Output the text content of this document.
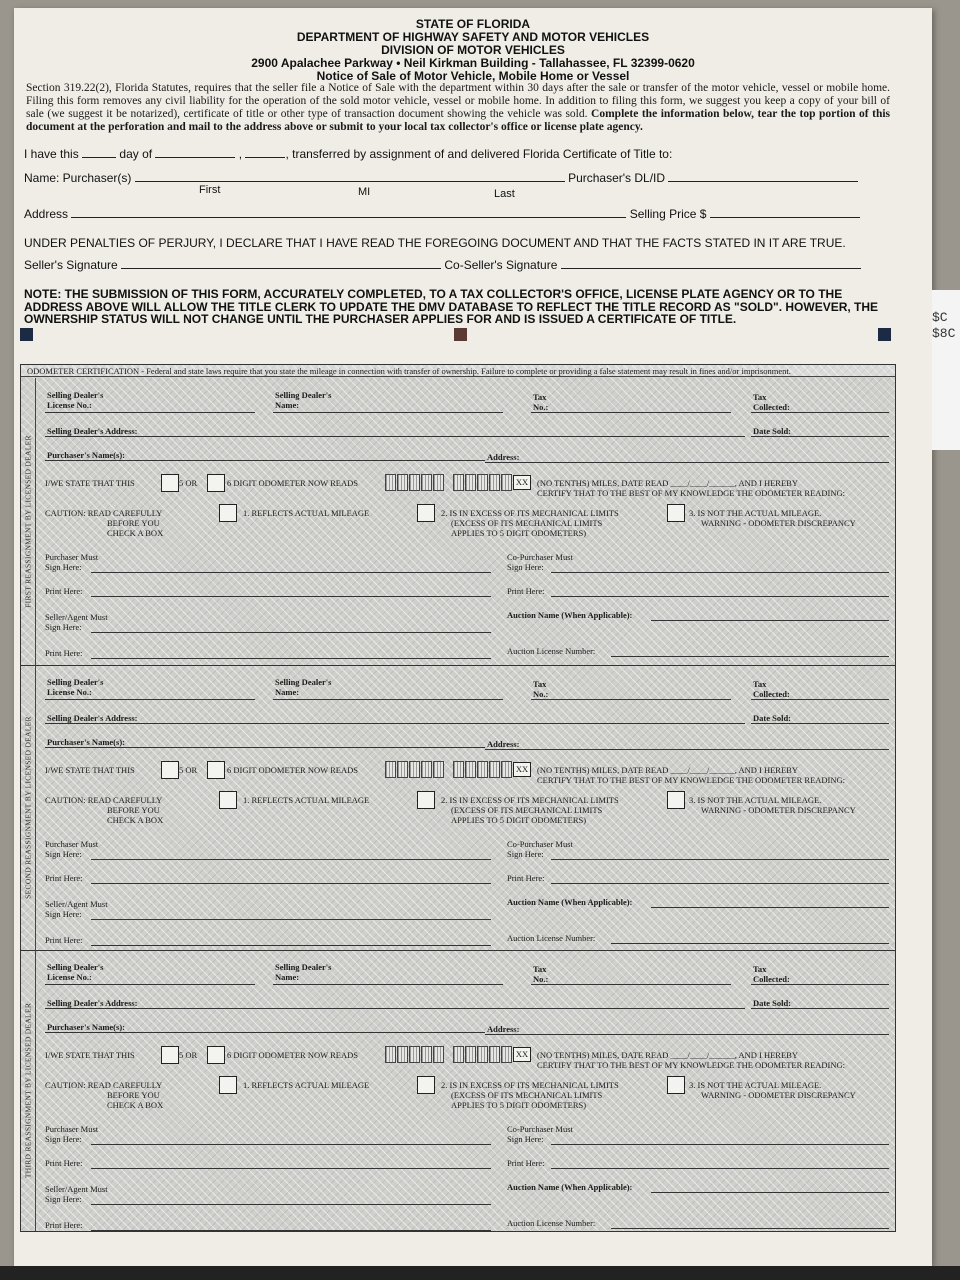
STATE OF FLORIDA
DEPARTMENT OF HIGHWAY SAFETY AND MOTOR VEHICLES
DIVISION OF MOTOR VEHICLES
2900 Apalachee Parkway • Neil Kirkman Building - Tallahassee, FL 32399-0620
Notice of Sale of Motor Vehicle, Mobile Home or Vessel
Section 319.22(2), Florida Statutes, requires that the seller file a Notice of Sale with the department within 30 days after the sale or transfer of the motor vehicle, vessel or mobile home. Filing this form removes any civil liability for the operation of the sold motor vehicle, vessel or mobile home. In addition to filing this form, we suggest you keep a copy of your bill of sale (we suggest it be notarized), certificate of title or other type of transaction document showing the vehicle was sold. Complete the information below, tear the top portion of this document at the perforation and mail to the address above or submit to your local tax collector's office or license plate agency.
I have this	day of	,	, transferred by assignment of and delivered Florida Certificate of Title to:
Name: Purchaser(s)	Purchaser's DL/ID
First	MI	Last
Address	Selling Price $
UNDER PENALTIES OF PERJURY, I DECLARE THAT I HAVE READ THE FOREGOING DOCUMENT AND THAT THE FACTS STATED IN IT ARE TRUE.
Seller's Signature	Co-Seller's Signature
NOTE: THE SUBMISSION OF THIS FORM, ACCURATELY COMPLETED, TO A TAX COLLECTOR'S OFFICE, LICENSE PLATE AGENCY OR TO THE ADDRESS ABOVE WILL ALLOW THE TITLE CLERK TO UPDATE THE DMV DATABASE TO REFLECT THE TITLE RECORD AS "SOLD". HOWEVER, THE OWNERSHIP STATUS WILL NOT CHANGE UNTIL THE PURCHASER APPLIES FOR AND IS ISSUED A CERTIFICATE OF TITLE.
ODOMETER CERTIFICATION - Federal and state laws require that you state the mileage in connection with transfer of ownership. Failure to complete or providing a false statement may result in fines and/or imprisonment.
FIRST REASSIGNMENT BY LICENSED DEALER
Selling Dealer's
License No.:
Selling Dealer's
Name:
Tax
No.:
Tax
Collected:
Selling Dealer's Address:	Date Sold:
Purchaser's Name(s):	Address:
I/WE STATE THAT THIS	5 OR	6 DIGIT ODOMETER NOW READS	XX	(NO TENTHS) MILES, DATE READ ____/____/______, AND I HEREBY
CERTIFY THAT TO THE BEST OF MY KNOWLEDGE THE ODOMETER READING:
CAUTION: READ CAREFULLY
BEFORE YOU
CHECK A BOX
1. REFLECTS ACTUAL MILEAGE	2. IS IN EXCESS OF ITS MECHANICAL LIMITS
(EXCESS OF ITS MECHANICAL LIMITS
APPLIES TO 5 DIGIT ODOMETERS)
3. IS NOT THE ACTUAL MILEAGE.
WARNING - ODOMETER DISCREPANCY
Purchaser Must
Sign Here:
Co-Purchaser Must
Sign Here:
Print Here:	Print Here:
Seller/Agent Must
Sign Here:
Auction Name (When Applicable):
Print Here:	Auction License Number:
SECOND REASSIGNMENT BY LICENSED DEALER
Selling Dealer's
License No.:
Selling Dealer's
Name:
Tax
No.:
Tax
Collected:
Selling Dealer's Address:	Date Sold:
Purchaser's Name(s):	Address:
I/WE STATE THAT THIS	5 OR	6 DIGIT ODOMETER NOW READS	XX	(NO TENTHS) MILES, DATE READ ____/____/______, AND I HEREBY
CERTIFY THAT TO THE BEST OF MY KNOWLEDGE THE ODOMETER READING:
CAUTION: READ CAREFULLY
BEFORE YOU
CHECK A BOX
1. REFLECTS ACTUAL MILEAGE	2. IS IN EXCESS OF ITS MECHANICAL LIMITS
(EXCESS OF ITS MECHANICAL LIMITS
APPLIES TO 5 DIGIT ODOMETERS)
3. IS NOT THE ACTUAL MILEAGE.
WARNING - ODOMETER DISCREPANCY
Purchaser Must
Sign Here:
Co-Purchaser Must
Sign Here:
Print Here:	Print Here:
Seller/Agent Must
Sign Here:
Auction Name (When Applicable):
Print Here:	Auction License Number:
THIRD REASSIGNMENT BY LICENSED DEALER
Selling Dealer's
License No.:
Selling Dealer's
Name:
Tax
No.:
Tax
Collected:
Selling Dealer's Address:	Date Sold:
Purchaser's Name(s):	Address:
I/WE STATE THAT THIS	5 OR	6 DIGIT ODOMETER NOW READS	XX	(NO TENTHS) MILES, DATE READ ____/____/______, AND I HEREBY
CERTIFY THAT TO THE BEST OF MY KNOWLEDGE THE ODOMETER READING:
CAUTION: READ CAREFULLY
BEFORE YOU
CHECK A BOX
1. REFLECTS ACTUAL MILEAGE	2. IS IN EXCESS OF ITS MECHANICAL LIMITS
(EXCESS OF ITS MECHANICAL LIMITS
APPLIES TO 5 DIGIT ODOMETERS)
3. IS NOT THE ACTUAL MILEAGE.
WARNING - ODOMETER DISCREPANCY
Purchaser Must
Sign Here:
Co-Purchaser Must
Sign Here:
Print Here:	Print Here:
Seller/Agent Must
Sign Here:
Auction Name (When Applicable):
Print Here:	Auction License Number:
$C
$8C
